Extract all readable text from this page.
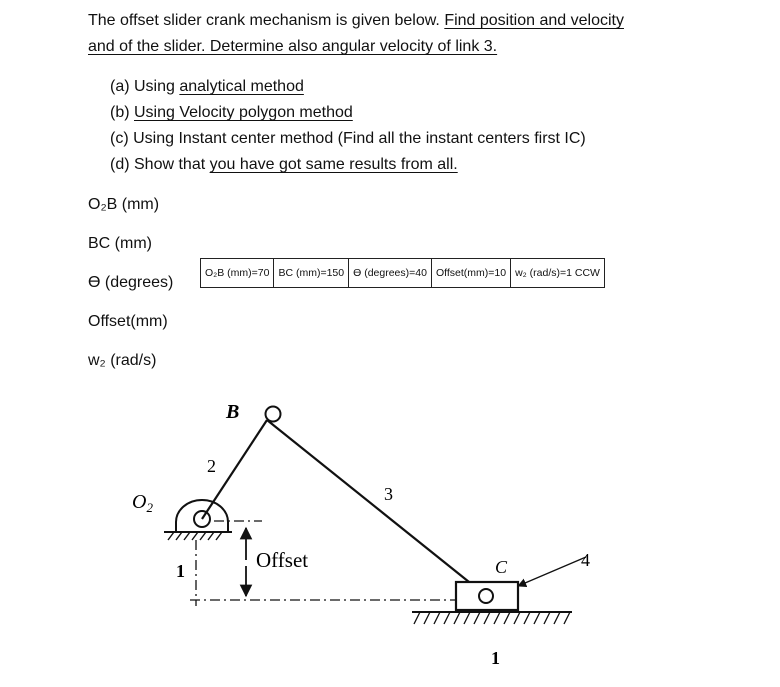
The offset slider crank mechanism is given below. Find position and velocity
and of the slider. Determine also angular velocity of link 3.
(a) Using analytical method
(b) Using Velocity polygon method
(c) Using Instant center method (Find all the instant centers first IC)
(d) Show that you have got same results from all.
O₂B (mm)
BC (mm)
ϴ (degrees)
Offset(mm)
w₂ (rad/s)
O₂B (mm)=70	BC (mm)=150	ϴ (degrees)=40	Offset(mm)=10	w₂ (rad/s)=1 CCW
B
$O_2$
2
3
4
C
1
1
Offset
